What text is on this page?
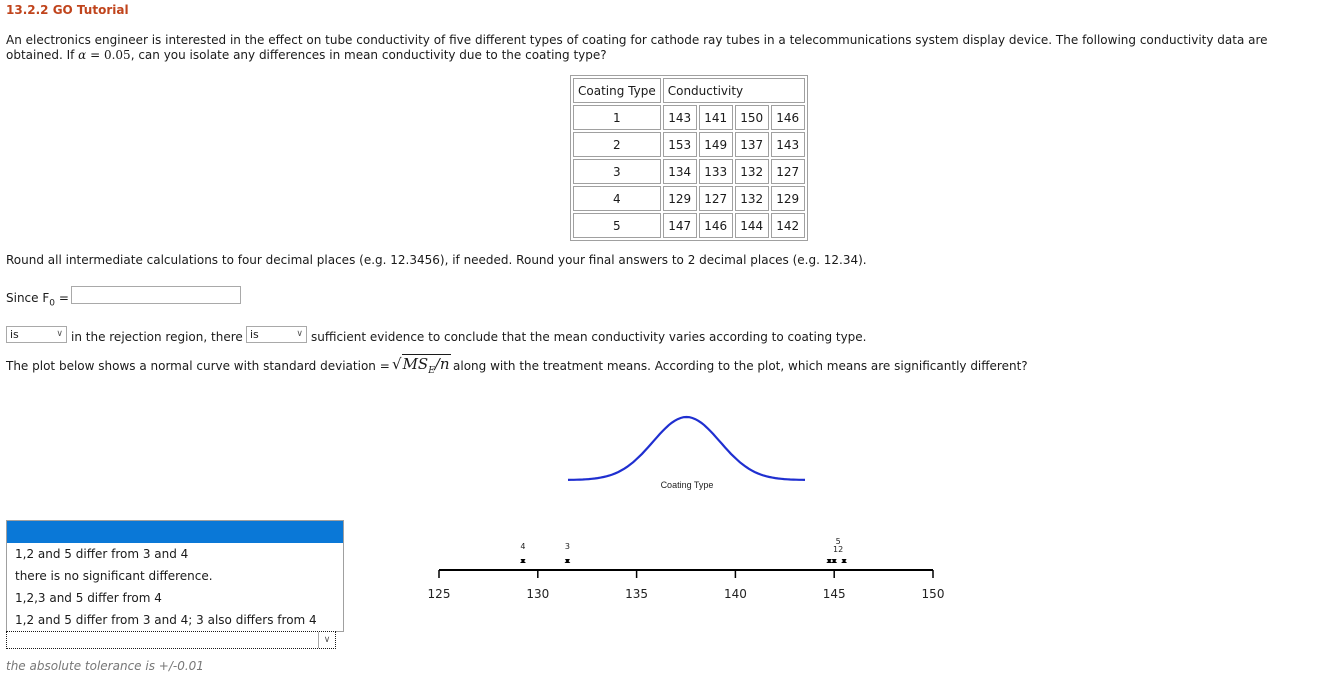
13.2.2 GO Tutorial
An electronics engineer is interested in the effect on tube conductivity of five different types of coating for cathode ray tubes in a telecommunications system display device. The following conductivity data are obtained. If α = 0.05, can you isolate any differences in mean conductivity due to the coating type?
Coating Type	Conductivity			
1	143	141	150	146
2	153	149	137	143
3	134	133	132	127
4	129	127	132	129
5	147	146	144	142
Round all intermediate calculations to four decimal places (e.g. 12.3456), if needed. Round your final answers to 2 decimal places (e.g. 12.34).
Since $F_0$ =
is	∨ in the rejection region, there is	∨ sufficient evidence to conclude that the mean conductivity varies according to coating type.
The plot below shows a normal curve with standard deviation = $√MS_E/n$ along with the treatment means. According to the plot, which means are significantly different?
Coating Type
125	130	135	140	145	150
4	3
5
12
1,2 and 5 differ from 3 and 4
there is no significant difference.
1,2,3 and 5 differ from 4
1,2 and 5 differ from 3 and 4; 3 also differs from 4
∨
the absolute tolerance is +/-0.01
